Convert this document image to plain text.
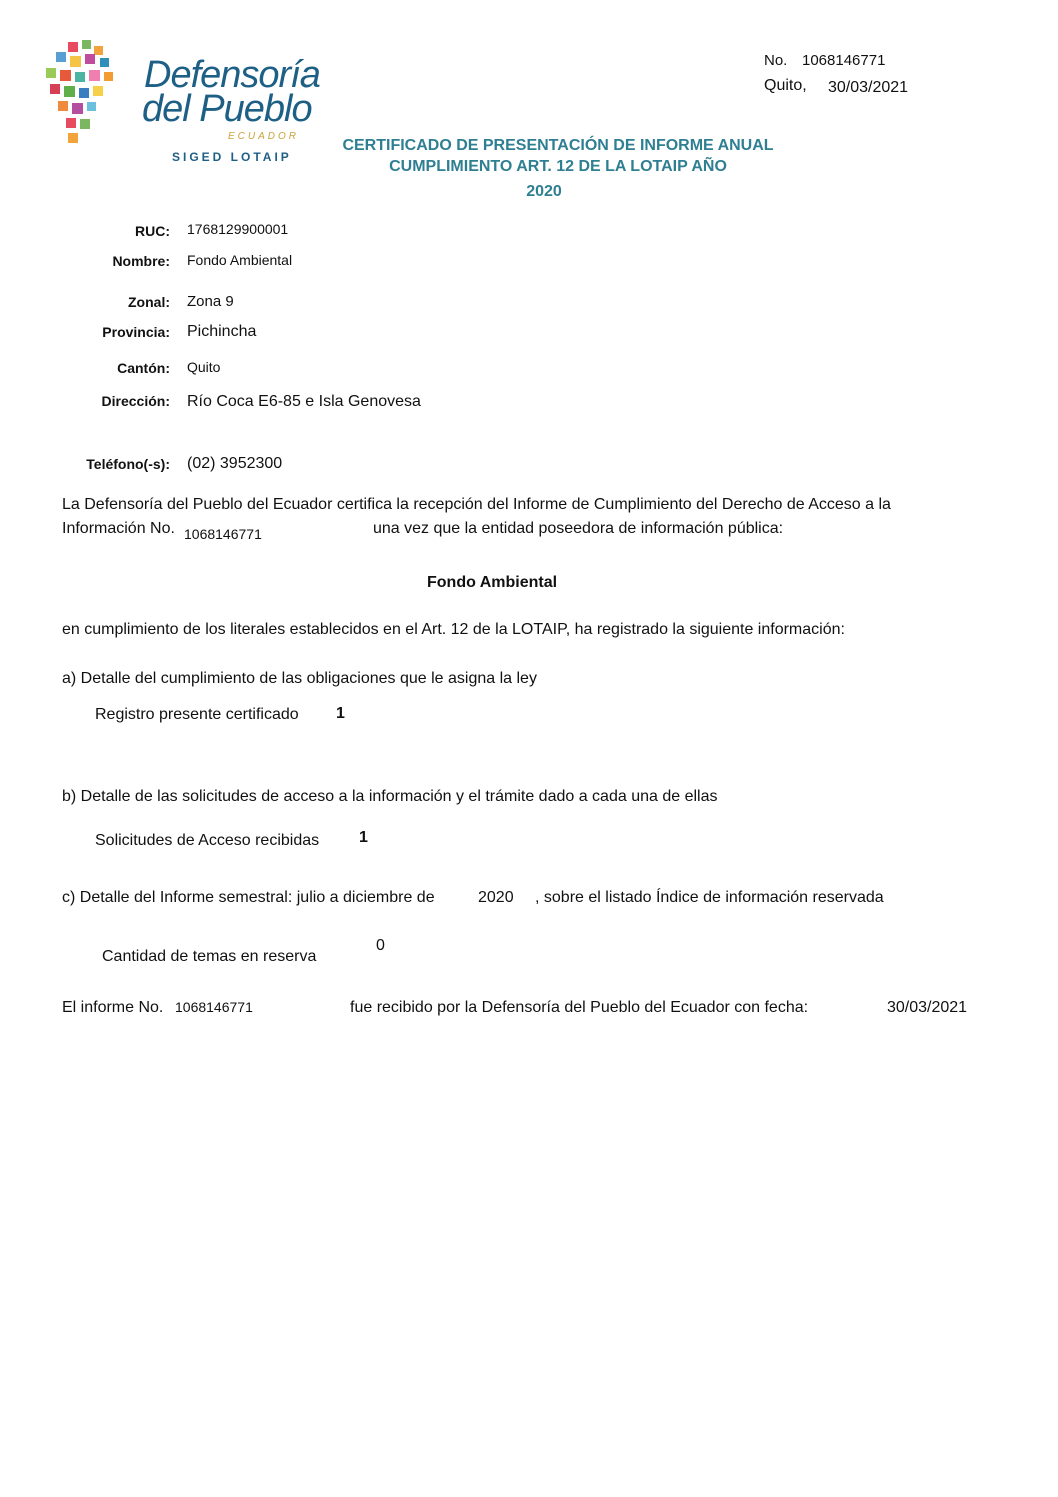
Defensoría
del Pueblo
ECUADOR
SIGED LOTAIP
No. 1068146771
Quito, 30/03/2021
CERTIFICADO DE PRESENTACIÓN DE INFORME ANUAL
CUMPLIMIENTO ART. 12 DE LA LOTAIP AÑO
2020
RUC: 1768129900001
Nombre: Fondo Ambiental
Zonal: Zona 9
Provincia: Pichincha
Cantón: Quito
Dirección: Río Coca E6-85 e Isla Genovesa
Teléfono(-s): (02) 3952300
La Defensoría del Pueblo del Ecuador certifica la recepción del Informe de Cumplimiento del Derecho de Acceso a la
Información No. 1068146771	una vez que la entidad poseedora de información pública:
Fondo Ambiental
en cumplimiento de los literales establecidos en el Art. 12 de la LOTAIP, ha registrado la siguiente información:
a) Detalle del cumplimiento de las obligaciones que le asigna la ley
Registro presente certificado 1
b) Detalle de las solicitudes de acceso a la información y el trámite dado a cada una de ellas
Solicitudes de Acceso recibidas 1
c) Detalle del Informe semestral: julio a diciembre de	2020 , sobre el listado Índice de información reservada
Cantidad de temas en reserva
0
El informe No. 1068146771	fue recibido por la Defensoría del Pueblo del Ecuador con fecha:	30/03/2021
